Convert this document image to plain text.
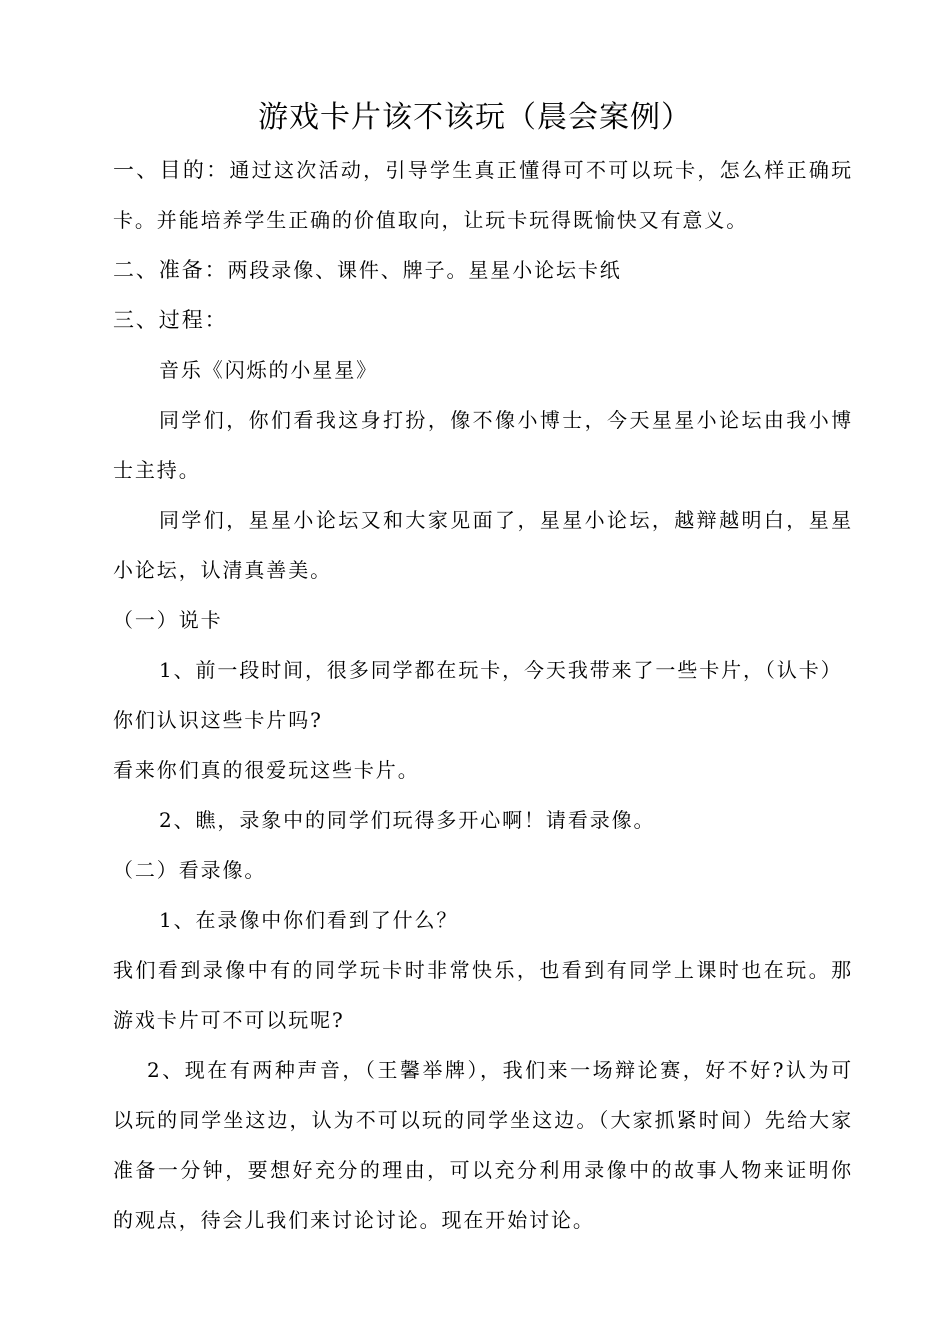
游戏卡片该不该玩（晨会案例）

一、目的：通过这次活动，引导学生真正懂得可不可以玩卡，怎么样正确玩卡。并能培养学生正确的价值取向，让玩卡玩得既愉快又有意义。

二、准备：两段录像、课件、牌子。星星小论坛卡纸

三、过程：

音乐《闪烁的小星星》

同学们，你们看我这身打扮，像不像小博士，今天星星小论坛由我小博士主持。

同学们，星星小论坛又和大家见面了，星星小论坛，越辩越明白，星星小论坛，认清真善美。

（一）说卡

1、前一段时间，很多同学都在玩卡，今天我带来了一些卡片，（认卡）你们认识这些卡片吗?

看来你们真的很爱玩这些卡片。

2、瞧，录象中的同学们玩得多开心啊！请看录像。

（二）看录像。

1、在录像中你们看到了什么？

我们看到录像中有的同学玩卡时非常快乐，也看到有同学上课时也在玩。那游戏卡片可不可以玩呢?

2、现在有两种声音，（王馨举牌），我们来一场辩论赛，好不好?认为可以玩的同学坐这边，认为不可以玩的同学坐这边。（大家抓紧时间）先给大家准备一分钟，要想好充分的理由，可以充分利用录像中的故事人物来证明你的观点，待会儿我们来讨论讨论。现在开始讨论。
